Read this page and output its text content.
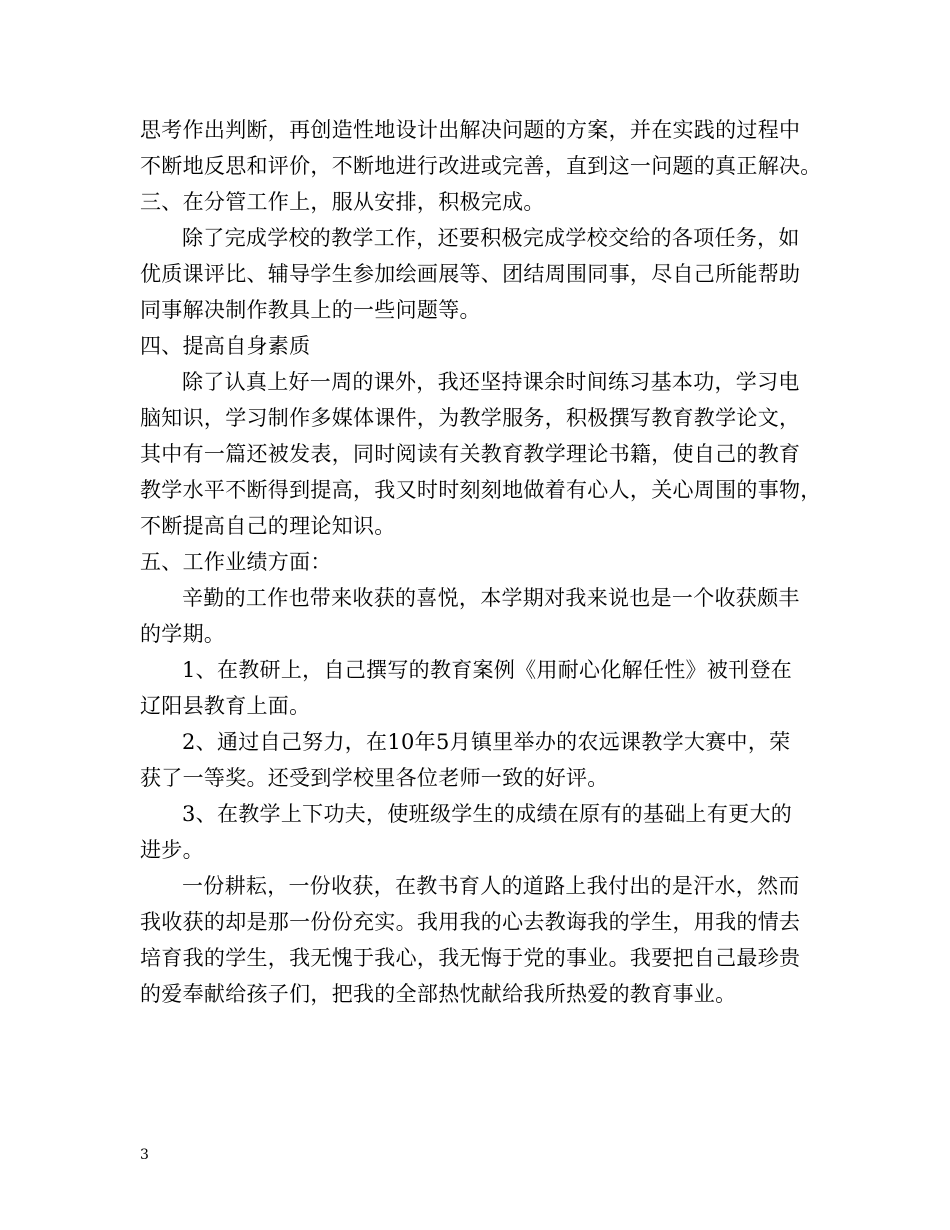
思考作出判断，再创造性地设计出解决问题的方案，并在实践的过程中
不断地反思和评价，不断地进行改进或完善，直到这一问题的真正解决。
三、在分管工作上，服从安排，积极完成。
除了完成学校的教学工作，还要积极完成学校交给的各项任务，如
优质课评比、辅导学生参加绘画展等、团结周围同事，尽自己所能帮助
同事解决制作教具上的一些问题等。
四、提高自身素质
除了认真上好一周的课外，我还坚持课余时间练习基本功，学习电
脑知识，学习制作多媒体课件，为教学服务，积极撰写教育教学论文，
其中有一篇还被发表，同时阅读有关教育教学理论书籍，使自己的教育
教学水平不断得到提高，我又时时刻刻地做着有心人，关心周围的事物，
不断提高自己的理论知识。
五、工作业绩方面：
辛勤的工作也带来收获的喜悦，本学期对我来说也是一个收获颇丰
的学期。
1、在教研上，自己撰写的教育案例《用耐心化解任性》被刊登在
辽阳县教育上面。
2、通过自己努力，在10年5月镇里举办的农远课教学大赛中，荣
获了一等奖。还受到学校里各位老师一致的好评。
3、在教学上下功夫，使班级学生的成绩在原有的基础上有更大的
进步。
一份耕耘，一份收获，在教书育人的道路上我付出的是汗水，然而
我收获的却是那一份份充实。我用我的心去教诲我的学生，用我的情去
培育我的学生，我无愧于我心，我无悔于党的事业。我要把自己最珍贵
的爱奉献给孩子们，把我的全部热忱献给我所热爱的教育事业。
3
